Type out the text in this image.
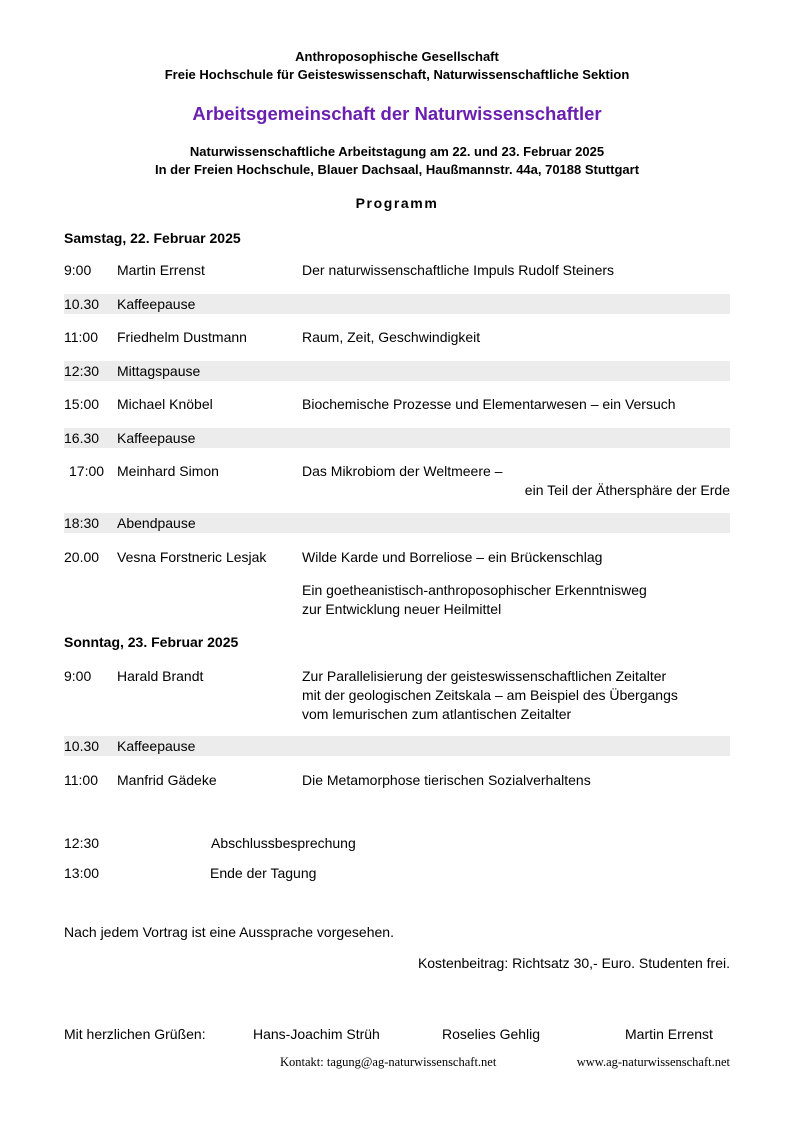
Anthroposophische Gesellschaft
Freie Hochschule für Geisteswissenschaft, Naturwissenschaftliche Sektion
Arbeitsgemeinschaft der Naturwissenschaftler
Naturwissenschaftliche Arbeitstagung am 22. und 23. Februar 2025
In der Freien Hochschule, Blauer Dachsaal, Haußmannstr. 44a, 70188 Stuttgart
Programm
Samstag, 22. Februar 2025
9:00 Martin Errenst	Der naturwissenschaftliche Impuls Rudolf Steiners
10.30 Kaffeepause
11:00 Friedhelm Dustmann	Raum, Zeit, Geschwindigkeit
12:30 Mittagspause
15:00 Michael Knöbel	Biochemische Prozesse und Elementarwesen – ein Versuch
16.30 Kaffeepause
17:00 Meinhard Simon	Das Mikrobiom der Weltmeere –
ein Teil der Äthersphäre der Erde
18:30 Abendpause
20.00 Vesna Forstneric Lesjak	Wilde Karde und Borreliose – ein Brückenschlag
Ein goetheanistisch-anthroposophischer Erkenntnisweg
zur Entwicklung neuer Heilmittel
Sonntag, 23. Februar 2025
9:00 Harald Brandt	Zur Parallelisierung der geisteswissenschaftlichen Zeitalter
mit der geologischen Zeitskala – am Beispiel des Übergangs
vom lemurischen zum atlantischen Zeitalter
10.30 Kaffeepause
11:00 Manfrid Gädeke	Die Metamorphose tierischen Sozialverhaltens
12:30	Abschlussbesprechung
13:00	Ende der Tagung
Nach jedem Vortrag ist eine Aussprache vorgesehen.
Kostenbeitrag: Richtsatz 30,- Euro. Studenten frei.
Mit herzlichen Grüßen:	Hans-Joachim Strüh	Roselies Gehlig	Martin Errenst
Kontakt: tagung@ag-naturwissenschaft.net	www.ag-naturwissenschaft.net
